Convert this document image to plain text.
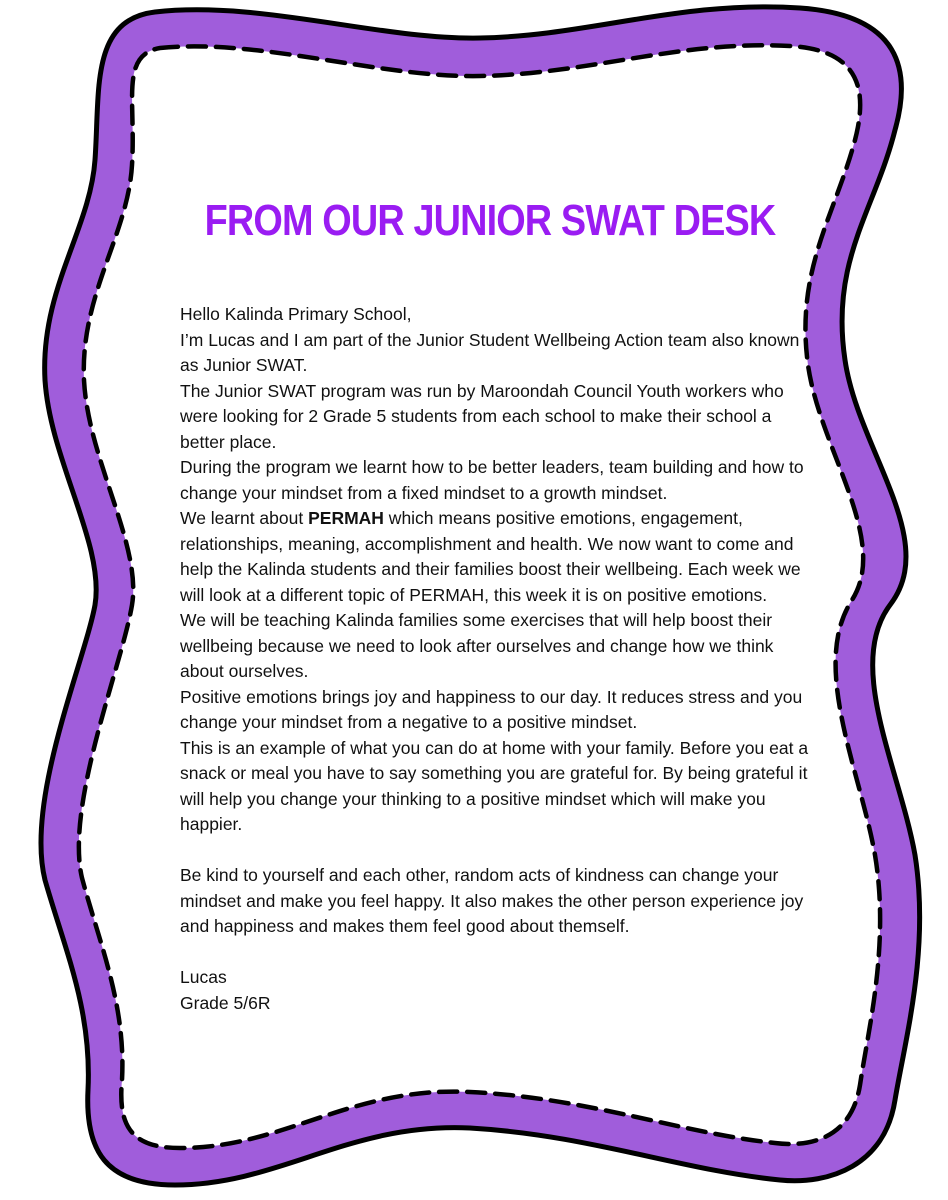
FROM OUR JUNIOR SWAT DESK

Hello Kalinda Primary School,

I’m Lucas and I am part of the Junior Student Wellbeing Action team also known as Junior SWAT.

The Junior SWAT program was run by Maroondah Council Youth workers who were looking for 2 Grade 5 students from each school to make their school a better place.

During the program we learnt how to be better leaders, team building and how to change your mindset from a fixed mindset to a growth mindset.

We learnt about PERMAH which means positive emotions, engagement, relationships, meaning, accomplishment and health. We now want to come and help the Kalinda students and their families boost their wellbeing. Each week we will look at a different topic of PERMAH, this week it is on positive emotions.

We will be teaching Kalinda families some exercises that will help boost their wellbeing because we need to look after ourselves and change how we think about ourselves.

Positive emotions brings joy and happiness to our day. It reduces stress and you change your mindset from a negative to a positive mindset.

This is an example of what you can do at home with your family. Before you eat a snack or meal you have to say something you are grateful for. By being grateful it will help you change your thinking to a positive mindset which will make you happier.

Be kind to yourself and each other, random acts of kindness can change your mindset and make you feel happy. It also makes the other person experience joy and happiness and makes them feel good about themself.

Lucas

Grade 5/6R
